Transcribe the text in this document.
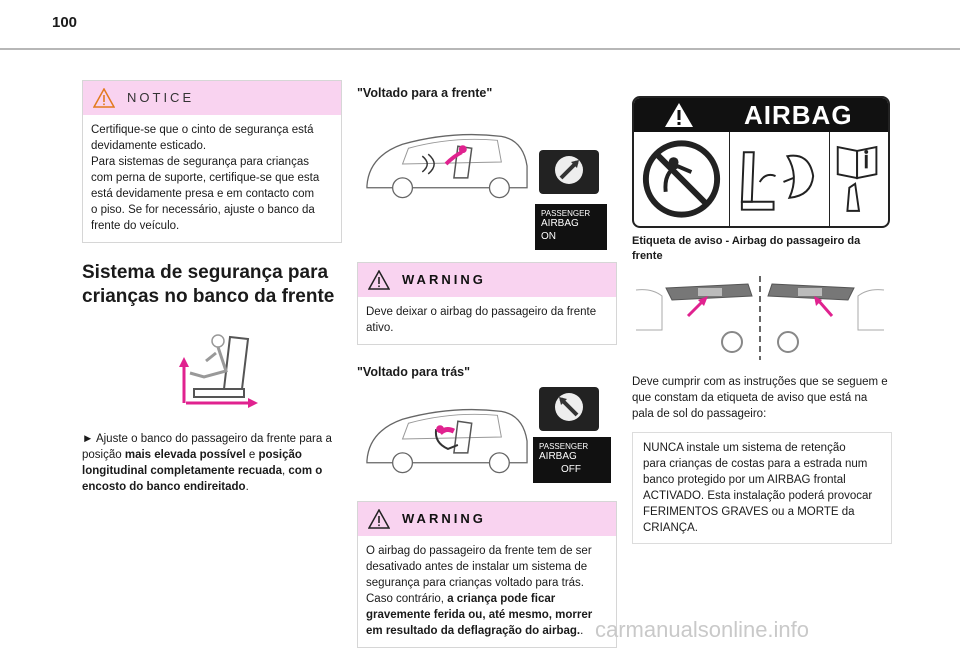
100
NOTICE
Certifique-se que o cinto de segurança está
devidamente esticado.
Para sistemas de segurança para crianças
com perna de suporte, certifique-se que esta
está devidamente presa e em contacto com
o piso. Se for necessário, ajuste o banco da
frente do veículo.
Sistema de segurança para
crianças no banco da frente
► Ajuste o banco do passageiro da frente para a posição mais elevada possível e posição longitudinal completamente recuada, com o encosto do banco endireitado.
"Voltado para a frente"
PASSENGER
AIRBAG
ON
WARNING
Deve deixar o airbag do passageiro da frente ativo.
"Voltado para trás"
PASSENGER
AIRBAG
OFF
WARNING
O airbag do passageiro da frente tem de ser desativado antes de instalar um sistema de segurança para crianças voltado para trás. Caso contrário, a criança pode ficar gravemente ferida ou, até mesmo, morrer em resultado da deflagração do airbag..
AIRBAG
Etiqueta de aviso - Airbag do passageiro da frente
Deve cumprir com as instruções que se seguem e que constam da etiqueta de aviso que está na pala de sol do passageiro:
NUNCA instale um sistema de retenção
para crianças de costas para a estrada num
banco protegido por um AIRBAG frontal
ACTIVADO. Esta instalação poderá provocar
FERIMENTOS GRAVES ou a MORTE da
CRIANÇA.
carmanualsonline.info
